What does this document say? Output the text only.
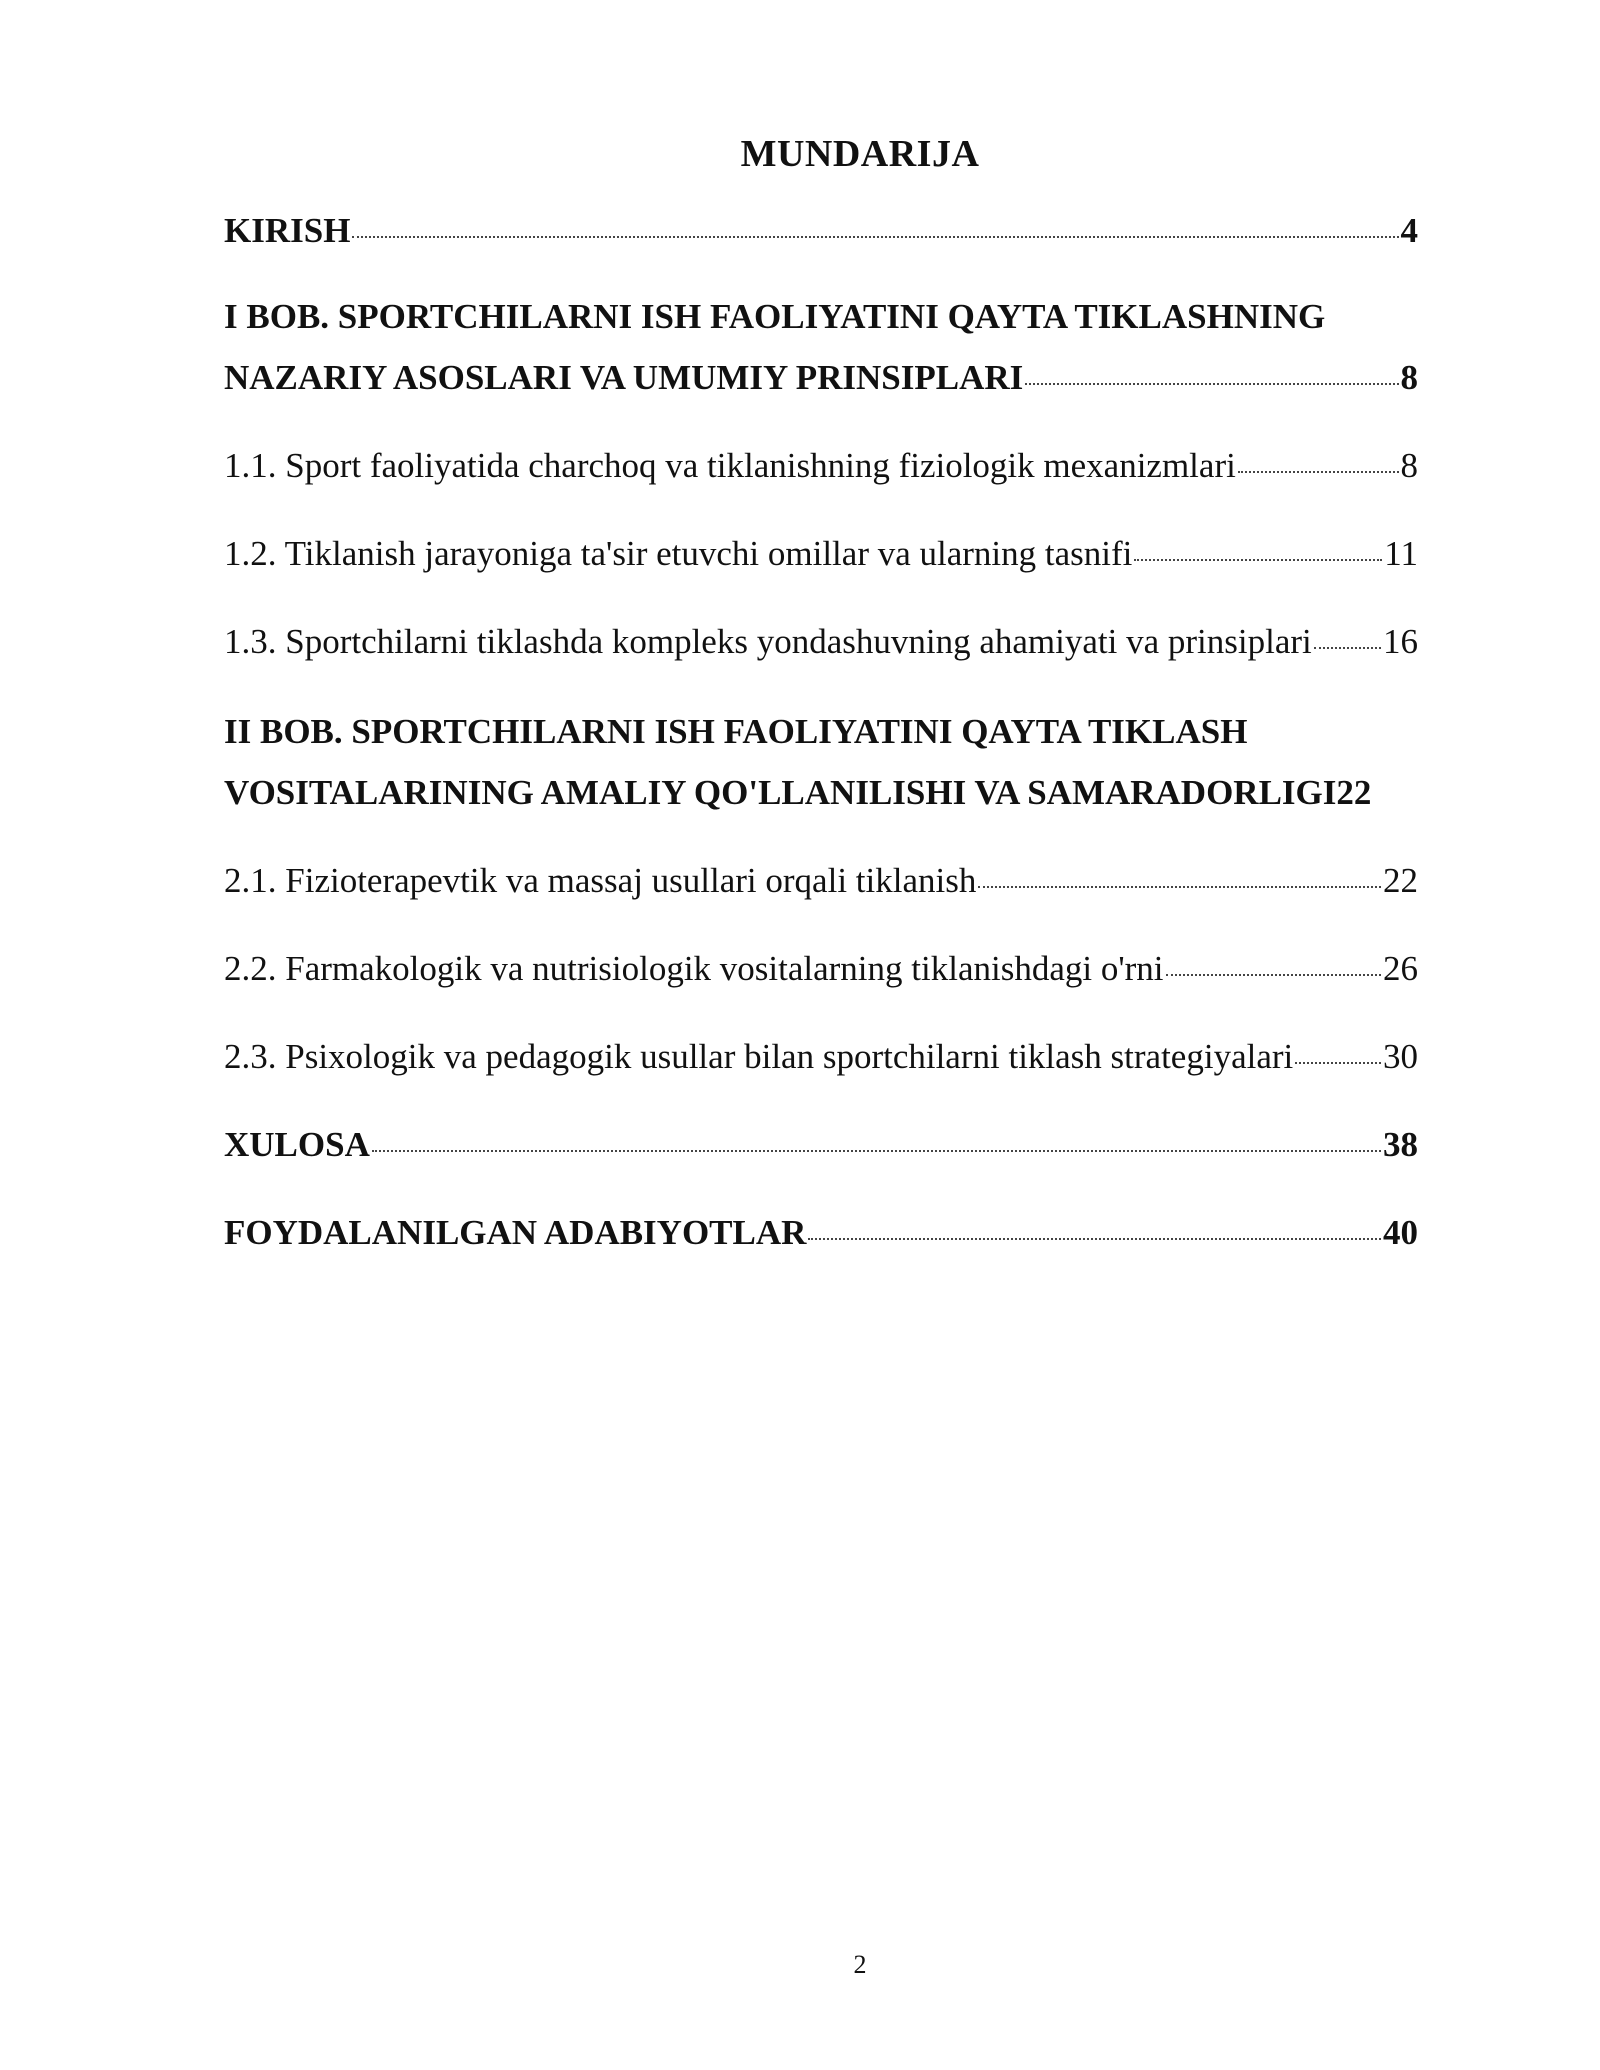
MUNDARIJA
KIRISH	4
I BOB. SPORTCHILARNI ISH FAOLIYATINI QAYTA TIKLASHNING
NAZARIY ASOSLARI VA UMUMIY PRINSIPLARI	8
1.1. Sport faoliyatida charchoq va tiklanishning fiziologik mexanizmlari	8
1.2. Tiklanish jarayoniga ta'sir etuvchi omillar va ularning tasnifi	11
1.3. Sportchilarni tiklashda kompleks yondashuvning ahamiyati va prinsiplari 16
II BOB. SPORTCHILARNI ISH FAOLIYATINI QAYTA TIKLASH
VOSITALARINING AMALIY QO'LLANILISHI VA SAMARADORLIGI 22
2.1. Fizioterapevtik va massaj usullari orqali tiklanish	22
2.2. Farmakologik va nutrisiologik vositalarning tiklanishdagi o'rni	26
2.3. Psixologik va pedagogik usullar bilan sportchilarni tiklash strategiyalari	30
XULOSA	38
FOYDALANILGAN ADABIYOTLAR	40
2
